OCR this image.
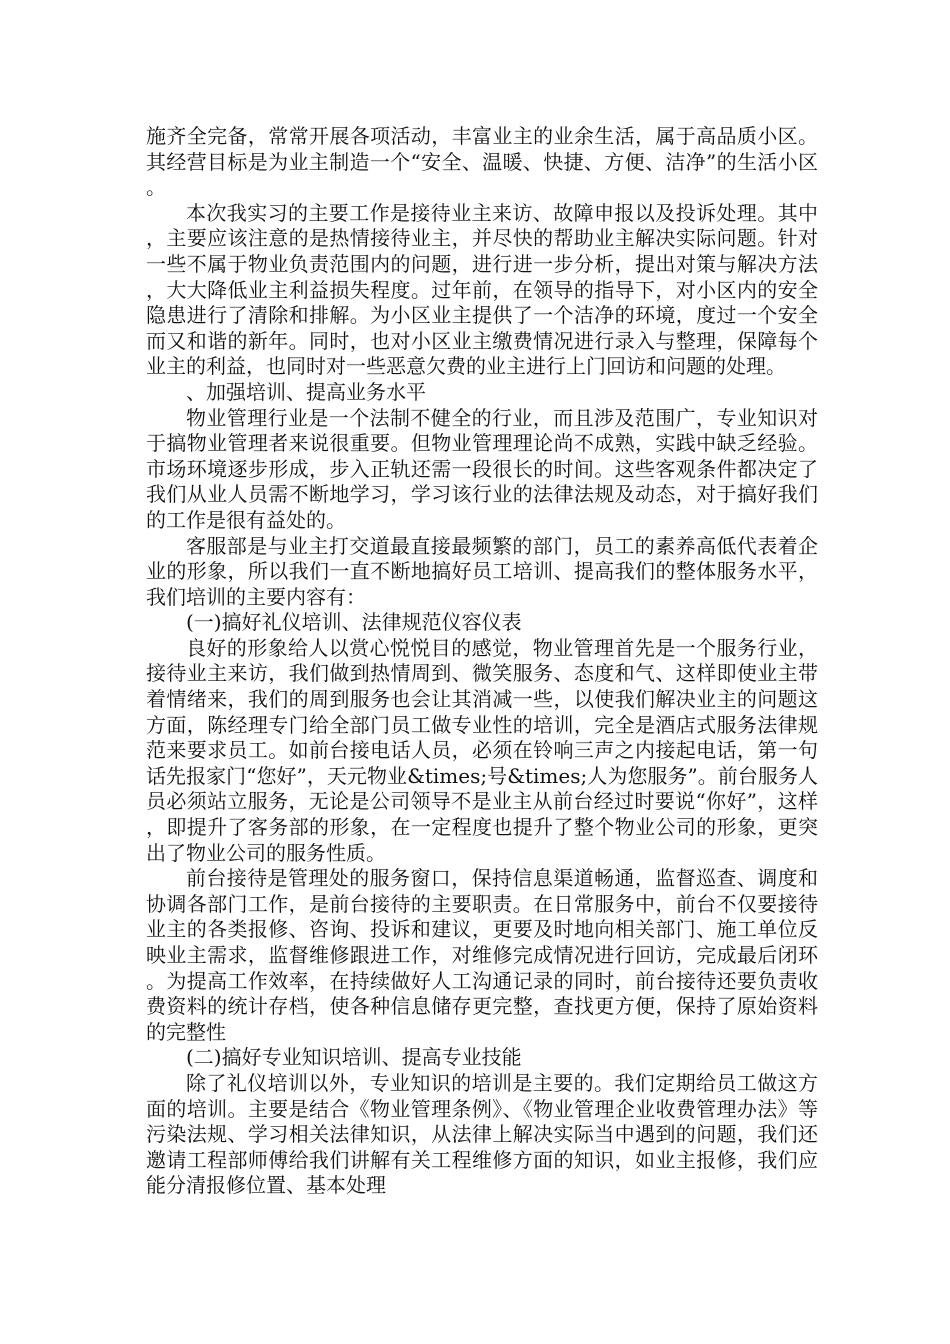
施齐全完备，常常开展各项活动，丰富业主的业余生活，属于高品质小区。其经营目标是为业主制造一个“安全、温暖、快捷、方便、洁净”的生活小区。

本次我实习的主要工作是接待业主来访、故障申报以及投诉处理。其中，主要应该注意的是热情接待业主，并尽快的帮助业主解决实际问题。针对一些不属于物业负责范围内的问题，进行进一步分析，提出对策与解决方法，大大降低业主利益损失程度。过年前，在领导的指导下，对小区内的安全隐患进行了清除和排解。为小区业主提供了一个洁净的环境，度过一个安全而又和谐的新年。同时，也对小区业主缴费情况进行录入与整理，保障每个业主的利益，也同时对一些恶意欠费的业主进行上门回访和问题的处理。

、加强培训、提高业务水平

物业管理行业是一个法制不健全的行业，而且涉及范围广，专业知识对于搞物业管理者来说很重要。但物业管理理论尚不成熟，实践中缺乏经验。市场环境逐步形成，步入正轨还需一段很长的时间。这些客观条件都决定了我们从业人员需不断地学习，学习该行业的法律法规及动态，对于搞好我们的工作是很有益处的。

客服部是与业主打交道最直接最频繁的部门，员工的素养高低代表着企业的形象，所以我们一直不断地搞好员工培训、提高我们的整体服务水平，我们培训的主要内容有：

(一)搞好礼仪培训、法律规范仪容仪表

良好的形象给人以赏心悦悦目的感觉，物业管理首先是一个服务行业，接待业主来访，我们做到热情周到、微笑服务、态度和气、这样即使业主带着情绪来，我们的周到服务也会让其消减一些，以使我们解决业主的问题这方面，陈经理专门给全部门员工做专业性的培训，完全是酒店式服务法律规范来要求员工。如前台接电话人员，必须在铃响三声之内接起电话，第一句话先报家门“您好”，天元物业&times;号&times;人为您服务”。前台服务人员必须站立服务，无论是公司领导不是业主从前台经过时要说“你好”，这样，即提升了客务部的形象，在一定程度也提升了整个物业公司的形象，更突出了物业公司的服务性质。

前台接待是管理处的服务窗口，保持信息渠道畅通，监督巡查、调度和协调各部门工作，是前台接待的主要职责。在日常服务中，前台不仅要接待业主的各类报修、咨询、投诉和建议，更要及时地向相关部门、施工单位反映业主需求，监督维修跟进工作，对维修完成情况进行回访，完成最后闭环。为提高工作效率，在持续做好人工沟通记录的同时，前台接待还要负责收费资料的统计存档，使各种信息储存更完整，查找更方便，保持了原始资料的完整性

(二)搞好专业知识培训、提高专业技能

除了礼仪培训以外，专业知识的培训是主要的。我们定期给员工做这方面的培训。主要是结合《物业管理条例》、《物业管理企业收费管理办法》等污染法规、学习相关法律知识，从法律上解决实际当中遇到的问题，我们还邀请工程部师傅给我们讲解有关工程维修方面的知识，如业主报修，我们应能分清报修位置、基本处理
